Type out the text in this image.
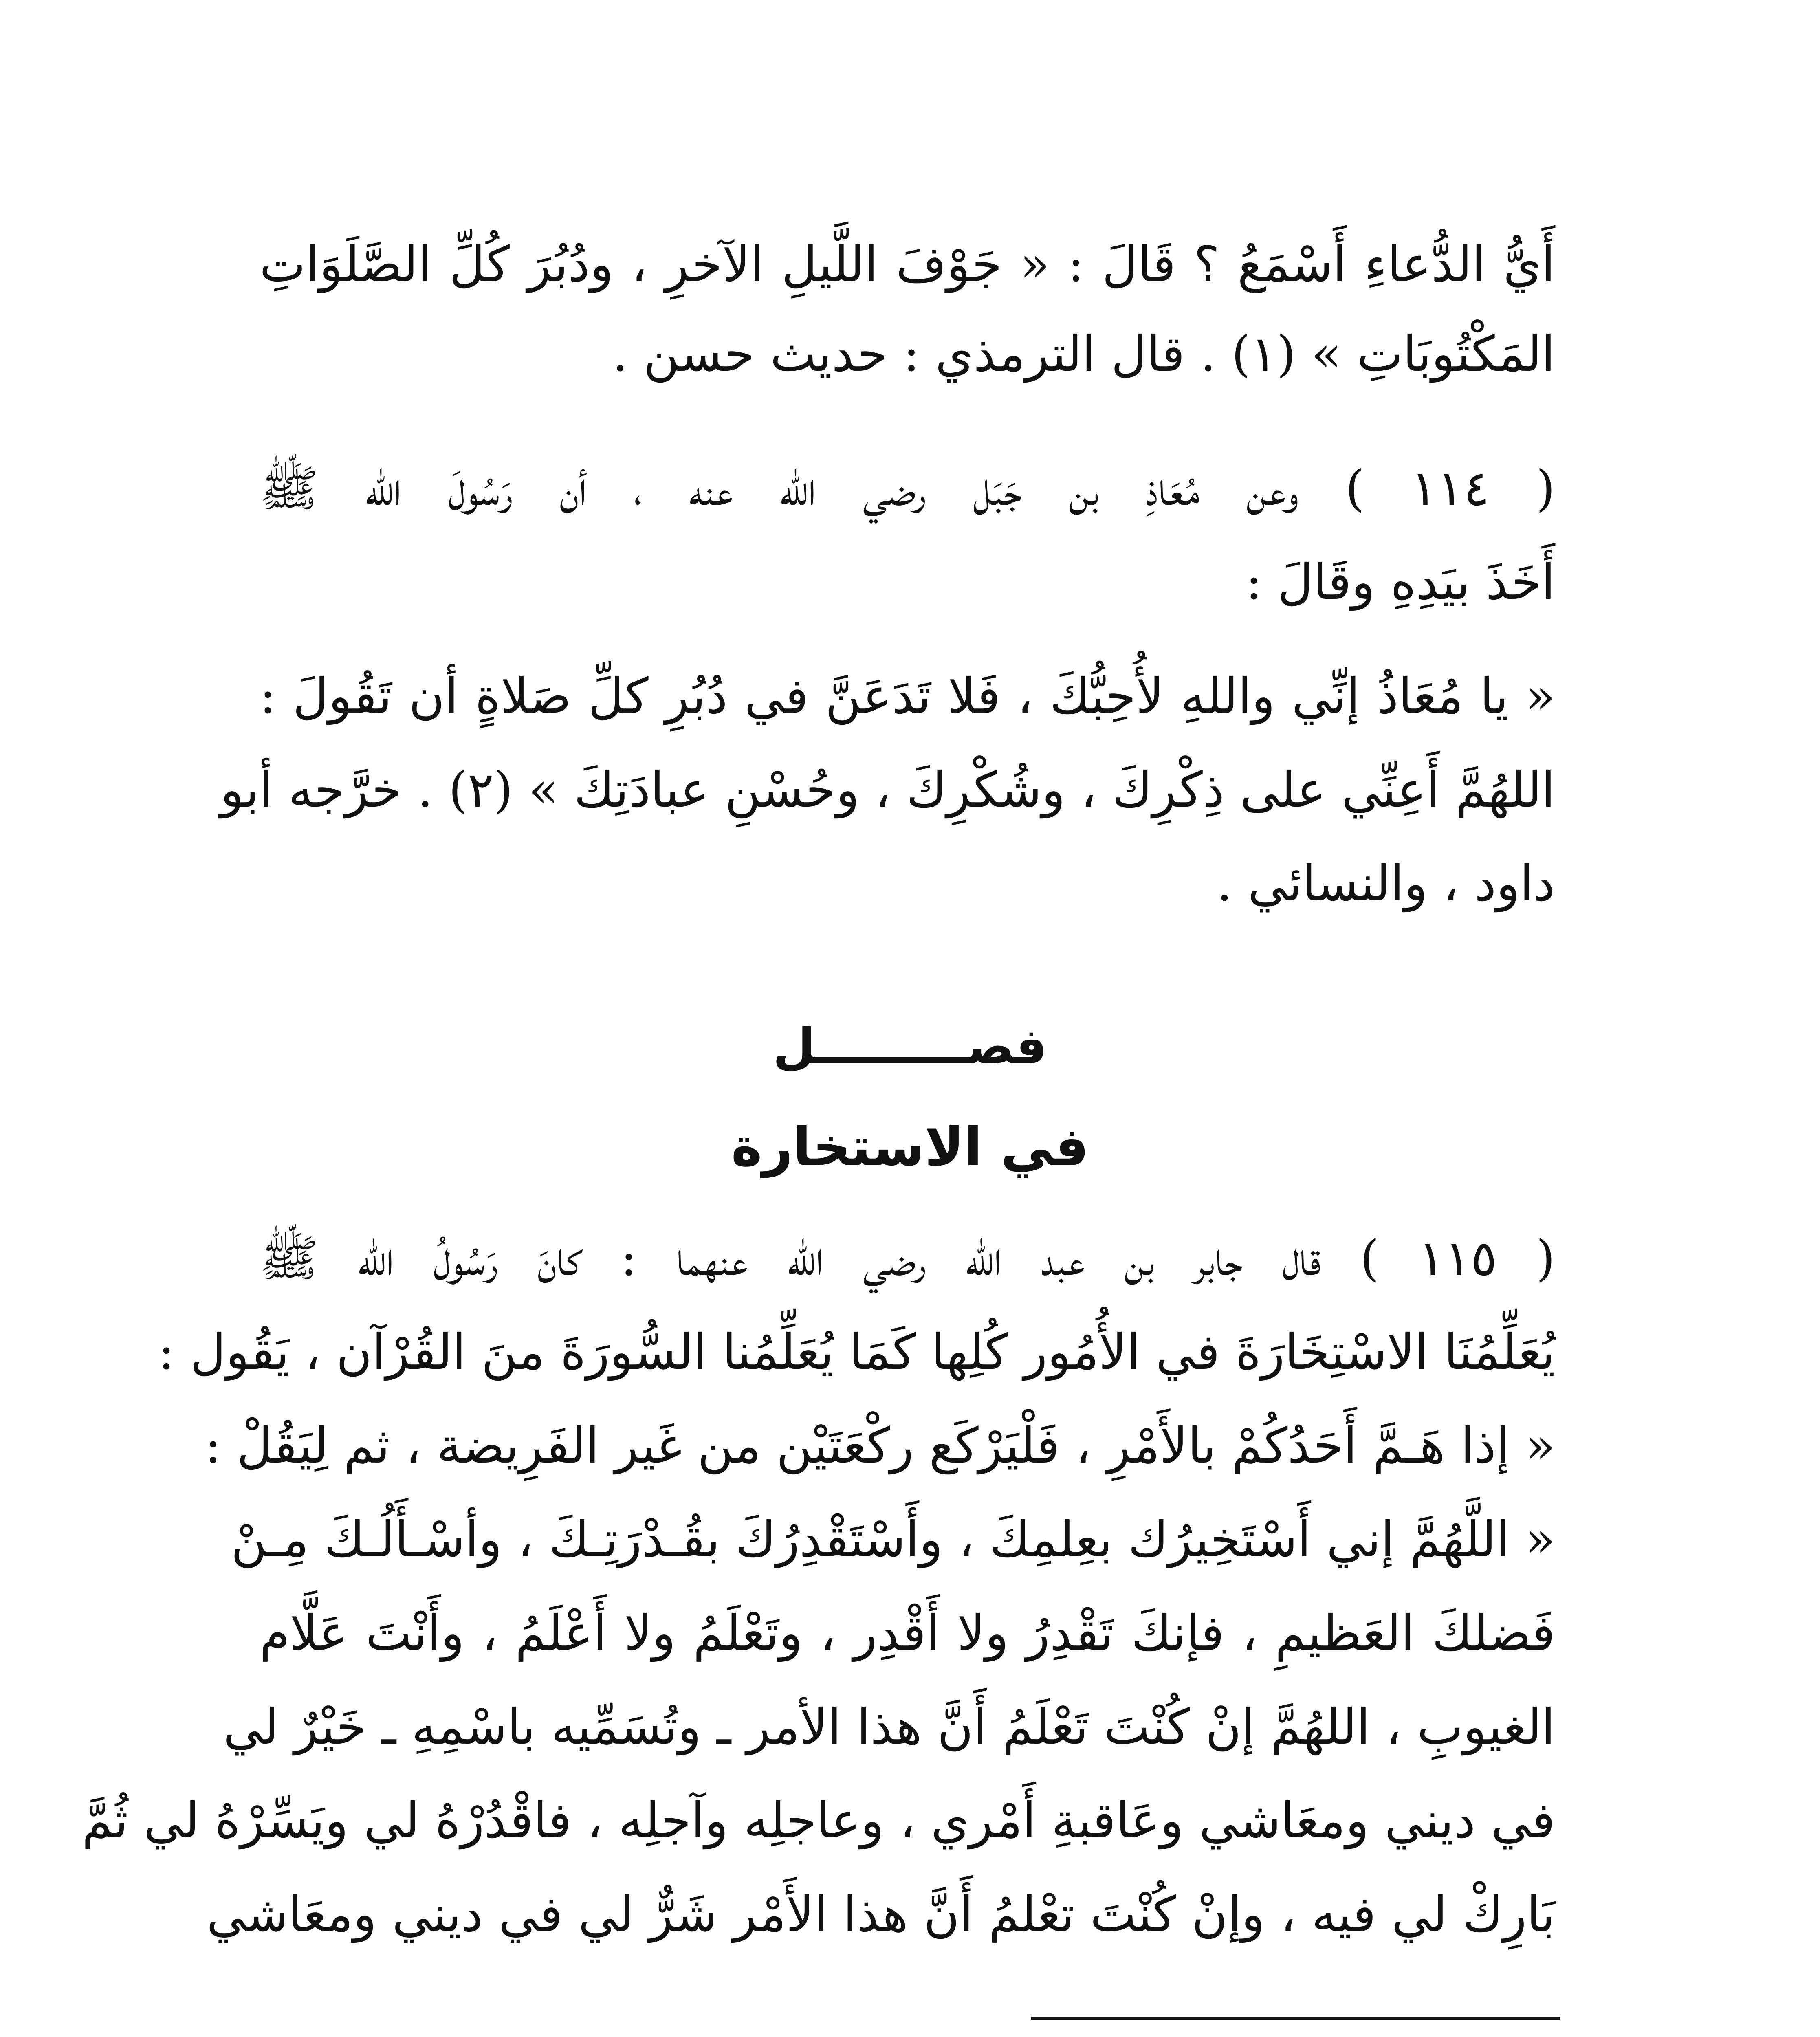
أَيُّ الدُّعاءِ أَسْمَعُ ؟ قَالَ : « جَوْفَ اللَّيلِ الآخرِ ، ودُبُرَ كُلِّ الصَّلَوَاتِ
المَكْتُوبَاتِ » (١) . قال الترمذي : حديث حسن .
( ١١٤ ) وعن مُعَاذِ بن جَبَل رضي الله عنه ، أن رَسُولَ الله ﷺ
أَخَذَ بيَدِهِ وقَالَ :
« يا مُعَاذُ إنِّي واللهِ لأُحِبُّكَ ، فَلا تَدَعَنَّ في دُبُرِ كلِّ صَلاةٍ أن تَقُولَ :
اللهُمَّ أَعِنِّي على ذِكْرِكَ ، وشُكْرِكَ ، وحُسْنِ عبادَتِكَ » (٢) . خرَّجه أبو
داود ، والنسائي .
فصـــــــــل
في الاستخارة
( ١١٥ ) قال جابر بن عبد الله رضي الله عنهما : كانَ رَسُولُ الله ﷺ
يُعَلِّمُنَا الاسْتِخَارَةَ في الأُمُور كُلِها كَمَا يُعَلِّمُنا السُّورَةَ منَ القُرْآن ، يَقُول :
« إذا هَـمَّ أَحَدُكُمْ بالأَمْرِ ، فَلْيَرْكَع ركْعَتَيْن من غَير الفَرِيضة ، ثم لِيَقُلْ :
« اللَّهُمَّ إني أَسْتَخِيرُك بعِلمِكَ ، وأَسْتَقْدِرُكَ بقُـدْرَتِـكَ ، وأسْـأَلُـكَ مِـنْ
فَضلكَ العَظيمِ ، فإنكَ تَقْدِرُ ولا أَقْدِر ، وتَعْلَمُ ولا أَعْلَمُ ، وأَنْتَ عَلَّام
الغيوبِ ، اللهُمَّ إنْ كُنْتَ تَعْلَمُ أَنَّ هذا الأمر ـ وتُسَمِّيه باسْمِهِ ـ خَيْرٌ لي
في ديني ومعَاشي وعَاقبةِ أَمْري ، وعاجلِه وآجلِه ، فاقْدُرْهُ لي ويَسِّرْهُ لي ثُمَّ
بَارِكْ لي فيه ، وإنْ كُنْتَ تعْلمُ أَنَّ هذا الأَمْر شَرٌّ لي في ديني ومعَاشي
